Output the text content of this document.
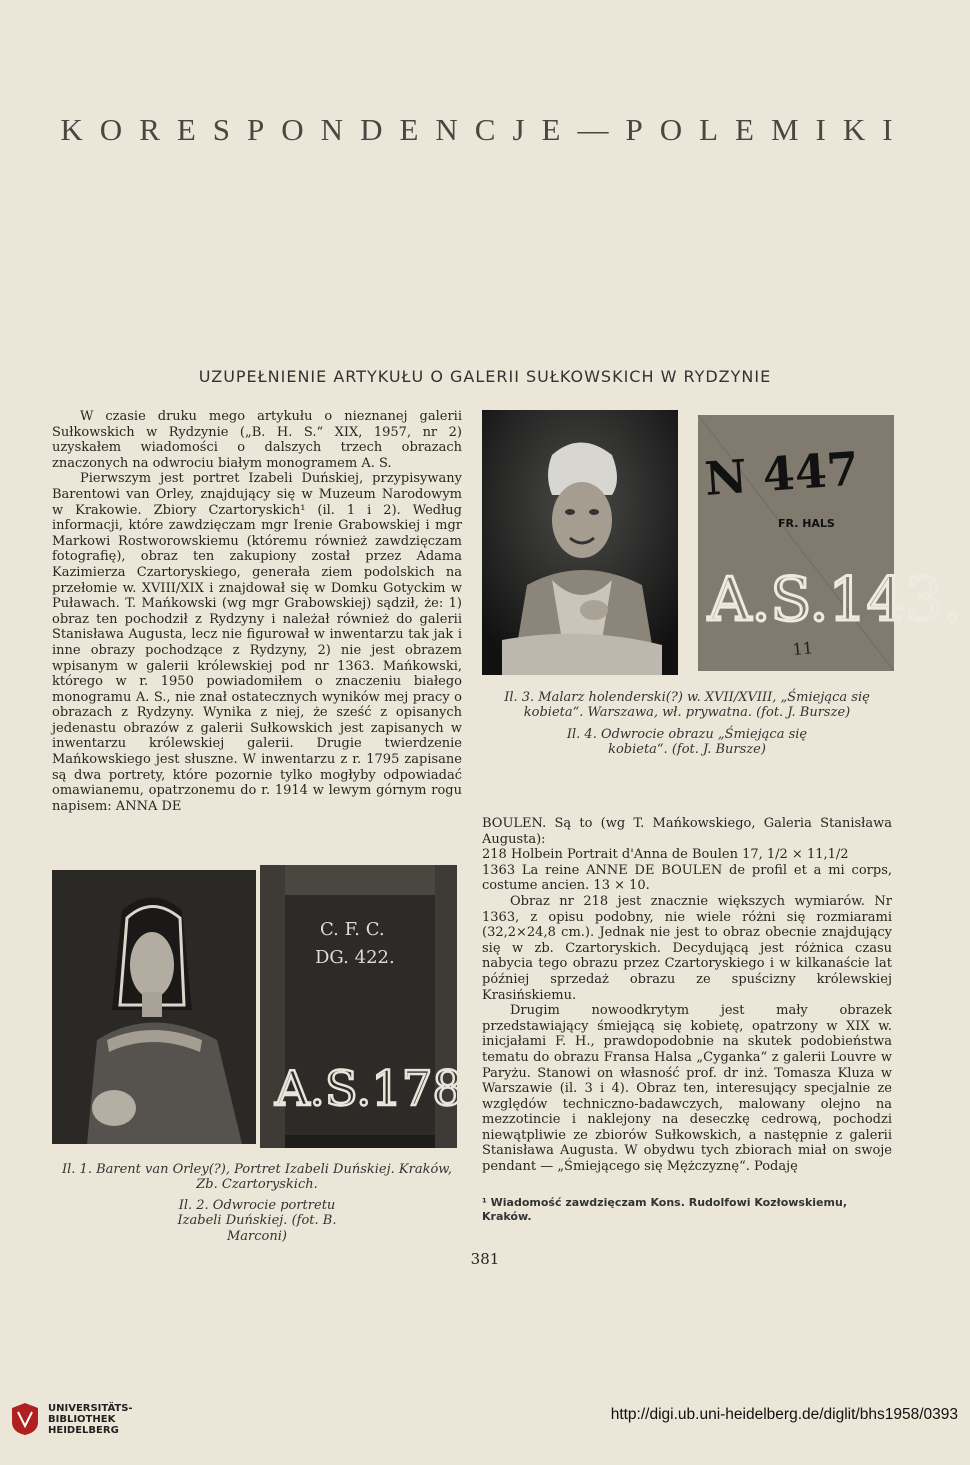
KORESPONDENCJE—POLEMIKI
UZUPEŁNIENIE ARTYKUŁU O GALERII SUŁKOWSKICH W RYDZYNIE

W czasie druku mego artykułu o nieznanej galerii Sułkowskich w Rydzynie („B. H. S.“ XIX, 1957, nr 2) uzyskałem wiadomości o dalszych trzech obrazach znaczonych na odwrociu białym monogramem A. S.

Pierwszym jest portret Izabeli Duńskiej, przypisywany Barentowi van Orley, znajdujący się w Muzeum Narodowym w Krakowie. Zbiory Czartoryskich¹ (il. 1 i 2). Według informacji, które zawdzięczam mgr Irenie Grabowskiej i mgr Markowi Rostworowskiemu (któremu również zawdzięczam fotografię), obraz ten zakupiony został przez Adama Kazimierza Czartoryskiego, generała ziem podolskich na przełomie w. XVIII/XIX i znajdował się w Domku Gotyckim w Puławach. T. Mańkowski (wg mgr Grabowskiej) sądził, że: 1) obraz ten pochodził z Rydzyny i należał również do galerii Stanisława Augusta, lecz nie figurował w inwentarzu tak jak i inne obrazy pochodzące z Rydzyny, 2) nie jest obrazem wpisanym w galerii królewskiej pod nr 1363. Mańkowski, którego w r. 1950 powiadomiłem o znaczeniu białego monogramu A. S., nie znał ostatecznych wyników mej pracy o obrazach z Rydzyny. Wynika z niej, że sześć z opisanych jedenastu obrazów z galerii Sułkowskich jest zapisanych w inwentarzu królewskiej galerii. Drugie twierdzenie Mańkowskiego jest słuszne. W inwentarzu z r. 1795 zapisane są dwa portrety, które pozornie tylko mogłyby odpowiadać omawianemu, opatrzonemu do r. 1914 w lewym górnym rogu napisem: ANNA DE

N 447
FR. HALS
A.S.143.
11
Il. 3. Malarz holenderski(?) w. XVII/XVIII, „Śmiejąca się kobieta“. Warszawa, wł. prywatna. (fot. J. Bursze)
Il. 4. Odwrocie obrazu „Śmiejąca się kobieta“. (fot. J. Bursze)

BOULEN. Są to (wg T. Mańkowskiego, Galeria Stanisława Augusta):

218 Holbein Portrait d'Anna de Boulen 17, 1/2 × 11,1/2

1363 La reine ANNE DE BOULEN de profil et a mi corps, costume ancien. 13 × 10.

Obraz nr 218 jest znacznie większych wymiarów. Nr 1363, z opisu podobny, nie wiele różni się rozmiarami (32,2×24,8 cm.). Jednak nie jest to obraz obecnie znajdujący się w zb. Czartoryskich. Decydującą jest różnica czasu nabycia tego obrazu przez Czartoryskiego i w kilkanaście lat później sprzedaż obrazu ze spuścizny królewskiej Krasińskiemu.

Drugim nowoodkrytym jest mały obrazek przedstawiający śmiejącą się kobietę, opatrzony w XIX w. inicjałami F. H., prawdopodobnie na skutek podobieństwa tematu do obrazu Fransa Halsa „Cyganka“ z galerii Louvre w Paryżu. Stanowi on własność prof. dr inż. Tomasza Kluza w Warszawie (il. 3 i 4). Obraz ten, interesujący specjalnie ze względów techniczno-badawczych, malowany olejno na mezzotincie i naklejony na deseczkę cedrową, pochodzi niewątpliwie ze zbiorów Sułkowskich, a następnie z galerii Stanisława Augusta. W obydwu tych zbiorach miał on swoje pendant — „Śmiejącego się Mężczyznę“. Podaję

C. F. C.
DG. 422.
A.S.178.
Il. 1. Barent van Orley(?), Portret Izabeli Duńskiej. Kraków, Zb. Czartoryskich.
Il. 2. Odwrocie portretu Izabeli Duńskiej. (fot. B. Marconi)
¹ Wiadomość zawdzięczam Kons. Rudolfowi Kozłowskiemu, Kraków.
381
UNIVERSITÄTS-
BIBLIOTHEK
HEIDELBERG
http://digi.ub.uni-heidelberg.de/diglit/bhs1958/0393
